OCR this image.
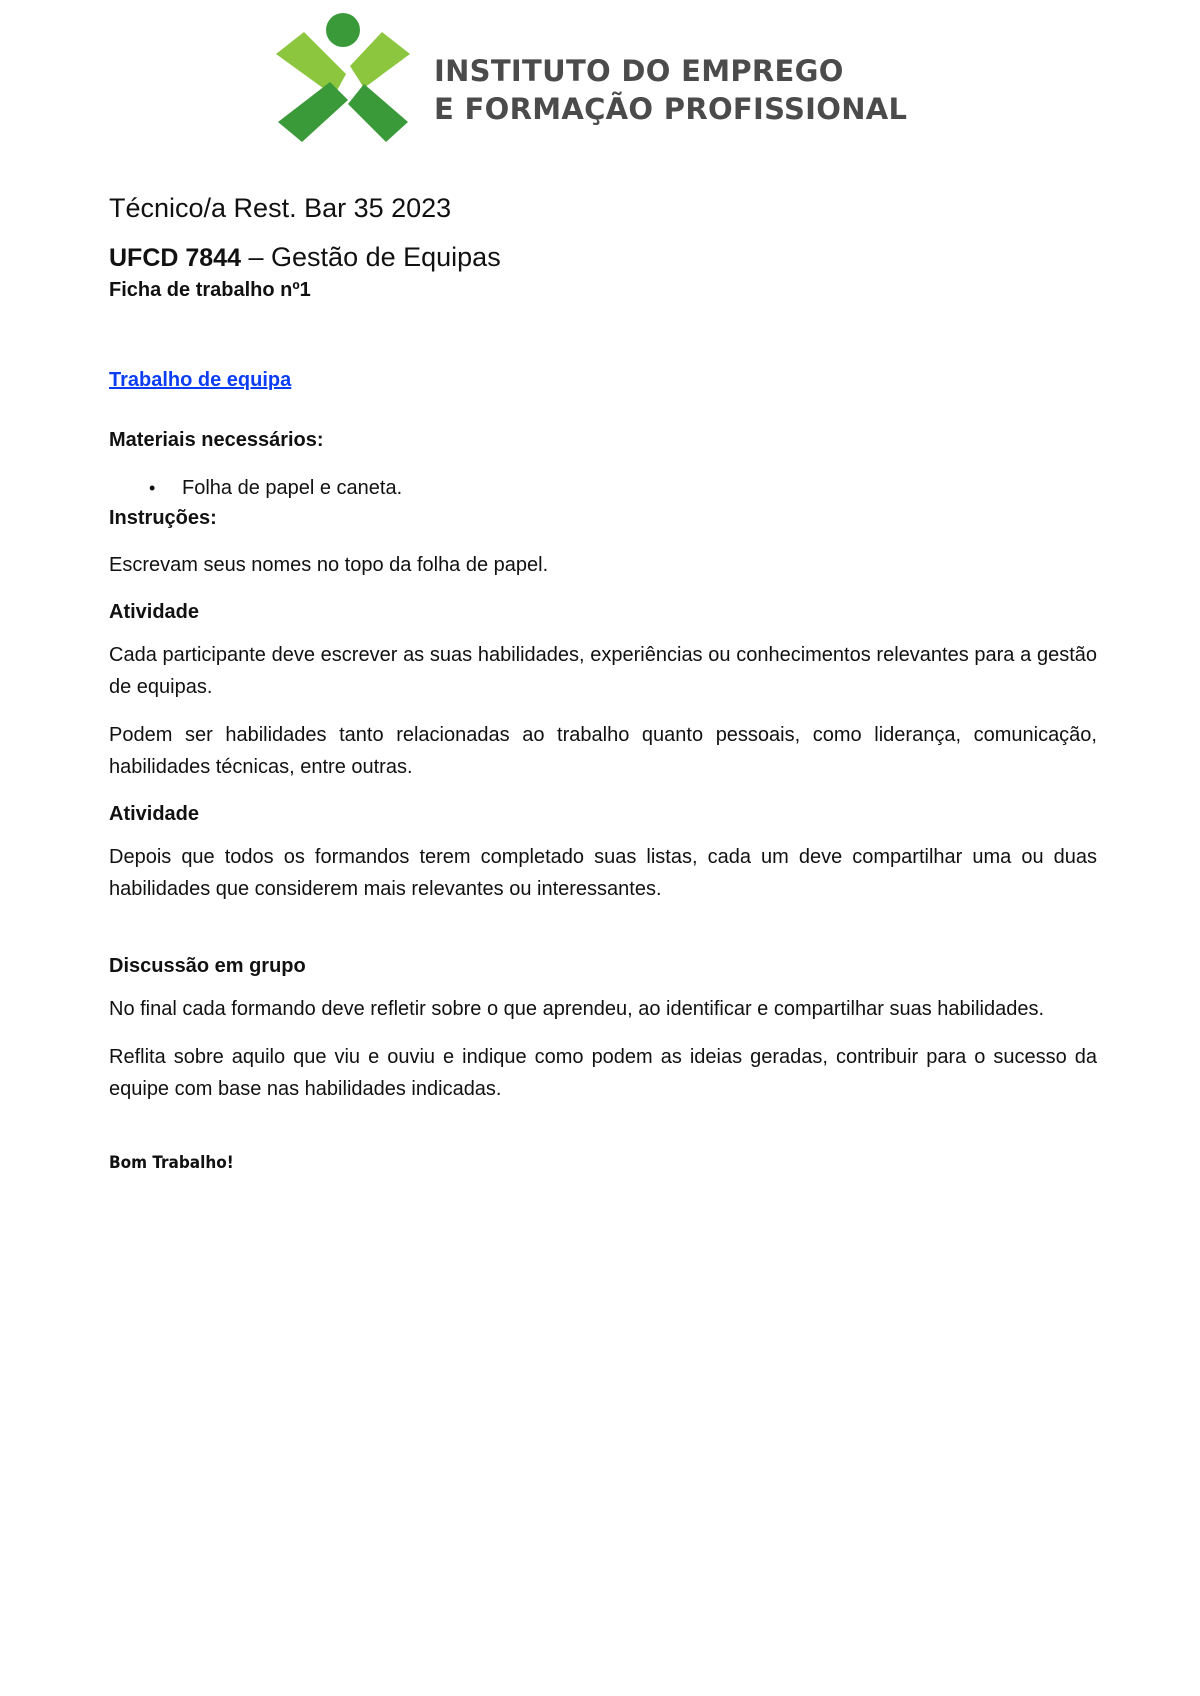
INSTITUTO DO EMPREGO
E FORMAÇÃO PROFISSIONAL
Técnico/a Rest. Bar 35 2023
UFCD 7844 – Gestão de Equipas
Ficha de trabalho nº1
Trabalho de equipa
Materiais necessários:
• Folha de papel e caneta.
Instruções:
Escrevam seus nomes no topo da folha de papel.
Atividade
Cada participante deve escrever as suas habilidades, experiências ou conhecimentos relevantes para a gestão de equipas.
Podem ser habilidades tanto relacionadas ao trabalho quanto pessoais, como liderança, comunicação, habilidades técnicas, entre outras.
Atividade
Depois que todos os formandos terem completado suas listas, cada um deve compartilhar uma ou duas habilidades que considerem mais relevantes ou interessantes.
Discussão em grupo
No final cada formando deve refletir sobre o que aprendeu, ao identificar e compartilhar suas habilidades.
Reflita sobre aquilo que viu e ouviu e indique como podem as ideias geradas, contribuir para o sucesso da equipe com base nas habilidades indicadas.
Bom Trabalho!
